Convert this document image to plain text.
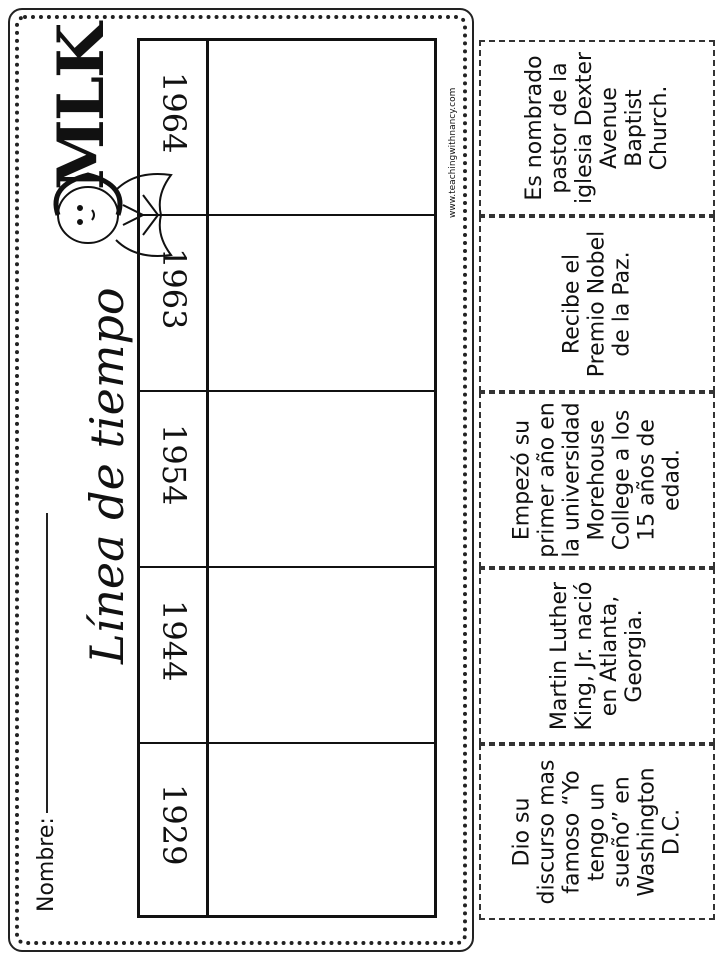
Nombre:
Línea de tiempo
MLK	www.teachingwithnancy.com
1964
1963
1954
1944
1929
Es nombrado pastor de la iglesia Dexter Avenue Baptist Church.
Recibe el Premio Nobel de la Paz.
Empezó su primer año en la universidad Morehouse College a los 15 años de edad.
Martin Luther King, Jr. nació en Atlanta, Georgia.
Dio su discurso mas famoso “Yo tengo un sueño” en Washington D.C.
